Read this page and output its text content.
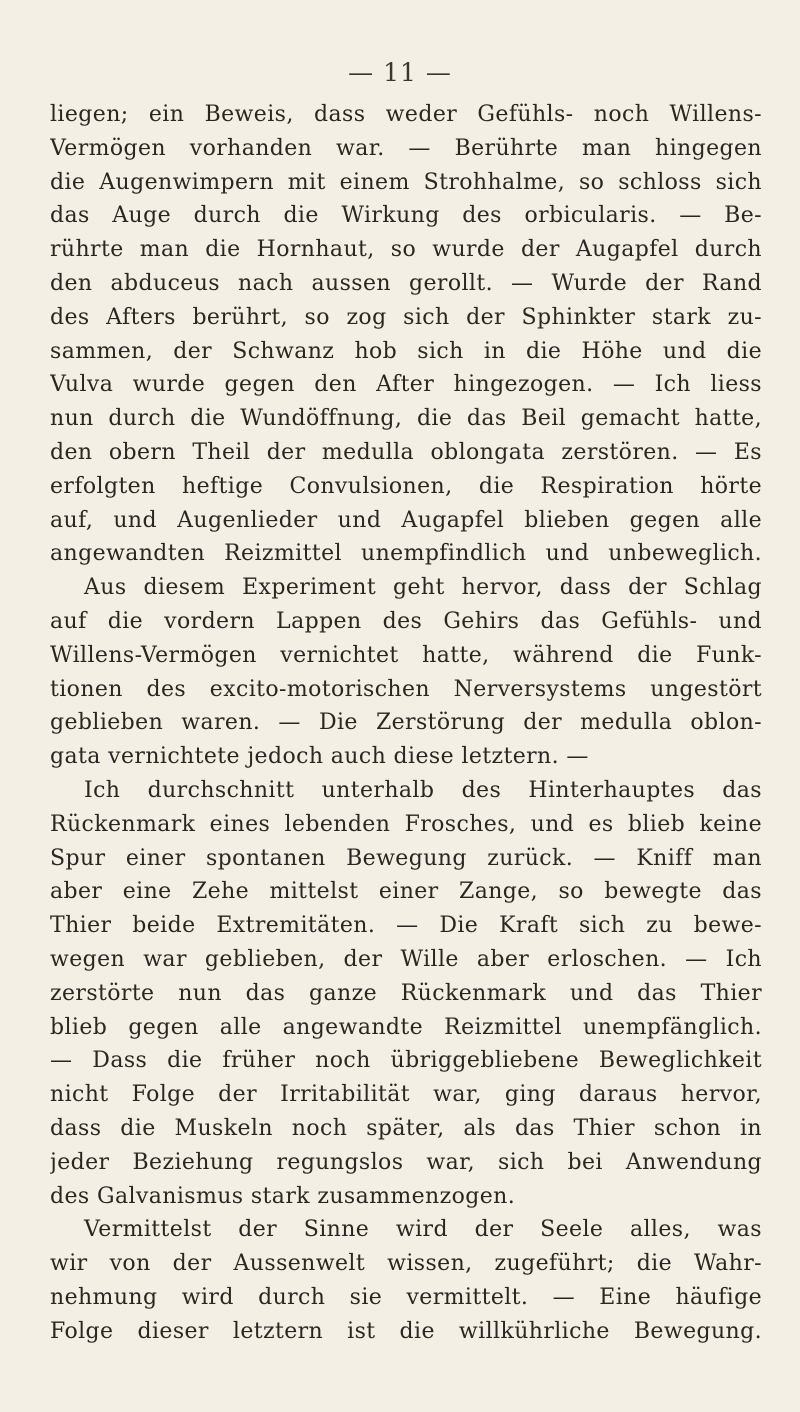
— 11 —
liegen; ein Beweis, dass weder Gefühls- noch Willens-
Vermögen vorhanden war. — Berührte man hingegen
die Augenwimpern mit einem Strohhalme, so schloss sich
das Auge durch die Wirkung des orbicularis. — Be-
rührte man die Hornhaut, so wurde der Augapfel durch
den abduceus nach aussen gerollt. — Wurde der Rand
des Afters berührt, so zog sich der Sphinkter stark zu-
sammen, der Schwanz hob sich in die Höhe und die
Vulva wurde gegen den After hingezogen. — Ich liess
nun durch die Wundöffnung, die das Beil gemacht hatte,
den obern Theil der medulla oblongata zerstören. — Es
erfolgten heftige Convulsionen, die Respiration hörte
auf, und Augenlieder und Augapfel blieben gegen alle
angewandten Reizmittel unempfindlich und unbeweglich.
Aus diesem Experiment geht hervor, dass der Schlag
auf die vordern Lappen des Gehirs das Gefühls- und
Willens-Vermögen vernichtet hatte, während die Funk-
tionen des excito-motorischen Nerversystems ungestört
geblieben waren. — Die Zerstörung der medulla oblon-
gata vernichtete jedoch auch diese letztern. —
Ich durchschnitt unterhalb des Hinterhauptes das
Rückenmark eines lebenden Frosches, und es blieb keine
Spur einer spontanen Bewegung zurück. — Kniff man
aber eine Zehe mittelst einer Zange, so bewegte das
Thier beide Extremitäten. — Die Kraft sich zu bewe-
wegen war geblieben, der Wille aber erloschen. — Ich
zerstörte nun das ganze Rückenmark und das Thier
blieb gegen alle angewandte Reizmittel unempfänglich.
— Dass die früher noch übriggebliebene Beweglichkeit
nicht Folge der Irritabilität war, ging daraus hervor,
dass die Muskeln noch später, als das Thier schon in
jeder Beziehung regungslos war, sich bei Anwendung
des Galvanismus stark zusammenzogen.
Vermittelst der Sinne wird der Seele alles, was
wir von der Aussenwelt wissen, zugeführt; die Wahr-
nehmung wird durch sie vermittelt. — Eine häufige
Folge dieser letztern ist die willkührliche Bewegung.
